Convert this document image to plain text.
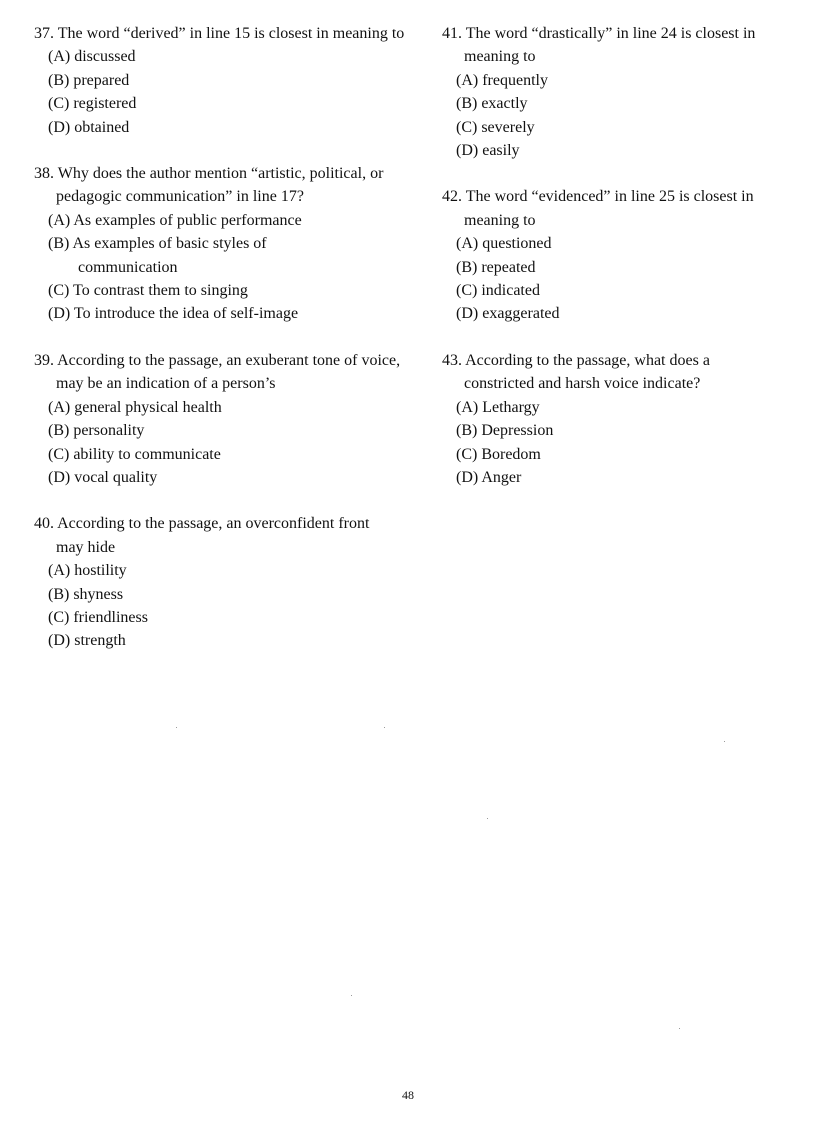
37. The word “derived” in line 15 is closest in meaning to

(A) discussed
(B) prepared
(C) registered
(D) obtained

38. Why does the author mention “artistic, political, or pedagogic communication” in line 17?

(A) As examples of public performance
(B) As examples of basic styles of communication
(C) To contrast them to singing
(D) To introduce the idea of self-image

39. According to the passage, an exuberant tone of voice, may be an indication of a person’s

(A) general physical health
(B) personality
(C) ability to communicate
(D) vocal quality

40. According to the passage, an overconfident front may hide

(A) hostility
(B) shyness
(C) friendliness
(D) strength

41. The word “drastically” in line 24 is closest in meaning to

(A) frequently
(B) exactly
(C) severely
(D) easily

42. The word “evidenced” in line 25 is closest in meaning to

(A) questioned
(B) repeated
(C) indicated
(D) exaggerated

43. According to the passage, what does a constricted and harsh voice indicate?

(A) Lethargy
(B) Depression
(C) Boredom
(D) Anger
48
